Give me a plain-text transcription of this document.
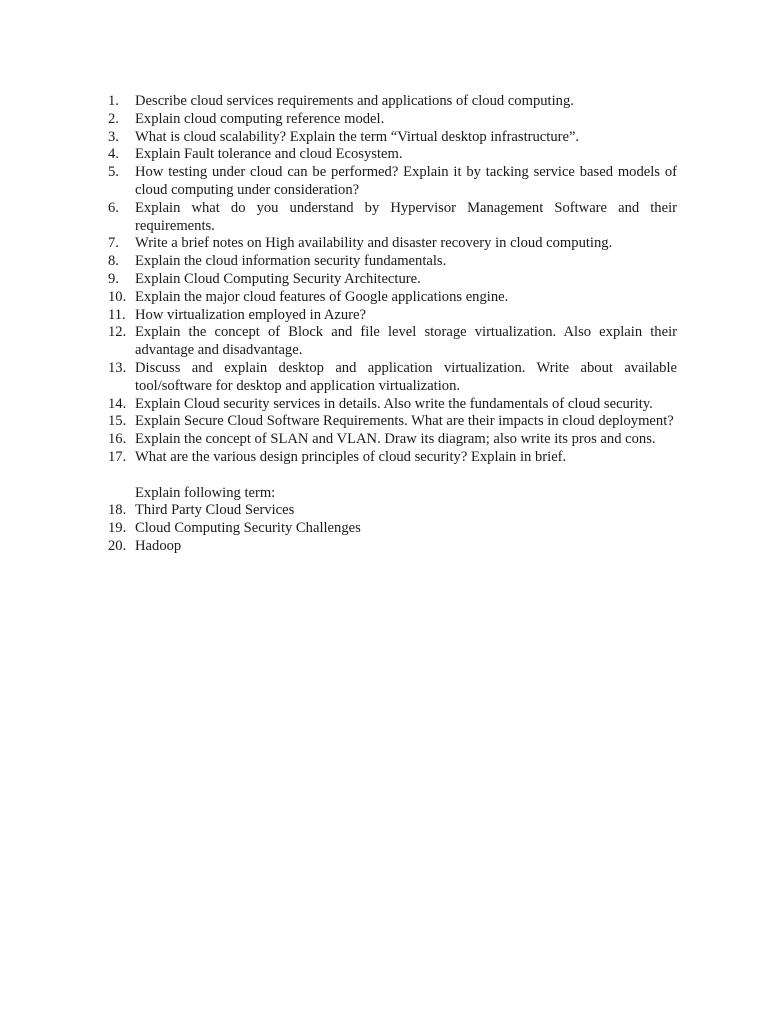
1.	Describe cloud services requirements and applications of cloud computing.
2.	Explain cloud computing reference model.
3.	What is cloud scalability? Explain the term “Virtual desktop infrastructure”.
4.	Explain Fault tolerance and cloud Ecosystem.
5.	How testing under cloud can be performed? Explain it by tacking service based models of cloud computing under consideration?
6.	Explain what do you understand by Hypervisor Management Software and their requirements.
7.	Write a brief notes on High availability and disaster recovery in cloud computing.
8.	Explain the cloud information security fundamentals.
9.	Explain Cloud Computing Security Architecture.
10. Explain the major cloud features of Google applications engine.
11. How virtualization employed in Azure?
12. Explain the concept of Block and file level storage virtualization. Also explain their advantage and disadvantage.
13. Discuss and explain desktop and application virtualization. Write about available tool/software for desktop and application virtualization.
14. Explain Cloud security services in details. Also write the fundamentals of cloud security.
15. Explain Secure Cloud Software Requirements. What are their impacts in cloud deployment?
16. Explain the concept of SLAN and VLAN. Draw its diagram; also write its pros and cons.
17. What are the various design principles of cloud security? Explain in brief.
Explain following term:
18. Third Party Cloud Services
19. Cloud Computing Security Challenges
20. Hadoop
